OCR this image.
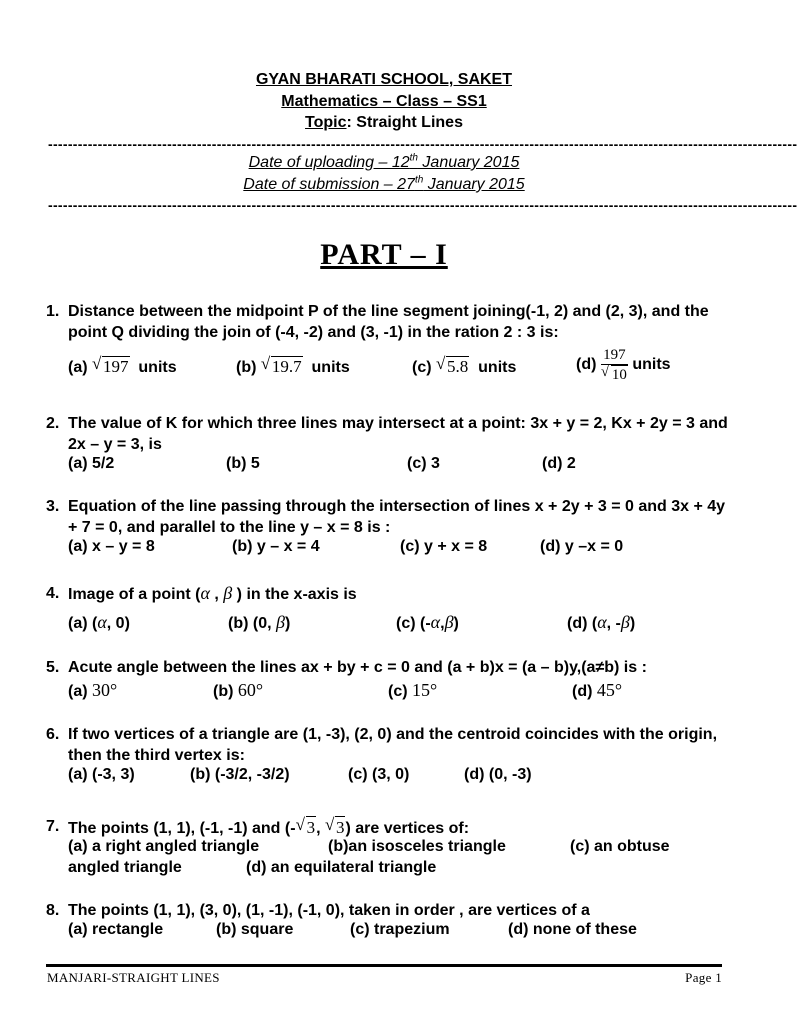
GYAN BHARATI SCHOOL, SAKET
Mathematics – Class – SS1
Topic: Straight Lines
-------------------------------------------------------------------------------------------------------------------------------------------------------
Date of uploading – 12th January 2015
Date of submission – 27th January 2015
-------------------------------------------------------------------------------------------------------------------------------------------------------
PART – I
1. Distance between the midpoint P of the line segment joining(-1, 2) and (2, 3), and the point Q dividing the join of (-4, -2) and (3, -1) in the ration 2 : 3 is:
(a) √ 197 units	(b) √ 19.7 units	(c) √ 5.8 units	$(d) \frac{197}{√ 10}$ units
2. The value of K for which three lines may intersect at a point: 3x + y = 2, Kx + 2y = 3 and 2x – y = 3, is
(a) 5/2	(b) 5	(c) 3	(d) 2
3. Equation of the line passing through the intersection of lines x + 2y + 3 = 0 and 3x + 4y + 7 = 0, and parallel to the line y – x = 8 is :
(a) x – y = 8	(b) y – x = 4	(c) y + x = 8	(d) y –x = 0
4. Image of a point (α , β ) in the x-axis is
(a) (α, 0)	(b) (0, β)	(c) (-α,β)	(d) (α, -β)
5. Acute angle between the lines ax + by + c = 0 and (a + b)x = (a – b)y,(a≠b) is :
(a) 30°	(b) 60°	(c) 15°	(d) 45°
6. If two vertices of a triangle are (1, -3), (2, 0) and the centroid coincides with the origin, then the third vertex is:
(a) (-3, 3)	(b) (-3/2, -3/2)	(c) (3, 0)	(d) (0, -3)
7. The points (1, 1), (-1, -1) and (- √ 3, √ 3) are vertices of:
(a) a right angled triangle	(b)an isosceles triangle	(c) an obtuse
angled triangle	(d) an equilateral triangle
8. The points (1, 1), (3, 0), (1, -1), (-1, 0), taken in order , are vertices of a
(a) rectangle	(b) square	(c) trapezium	(d) none of these
MANJARI-STRAIGHT LINES	Page 1
